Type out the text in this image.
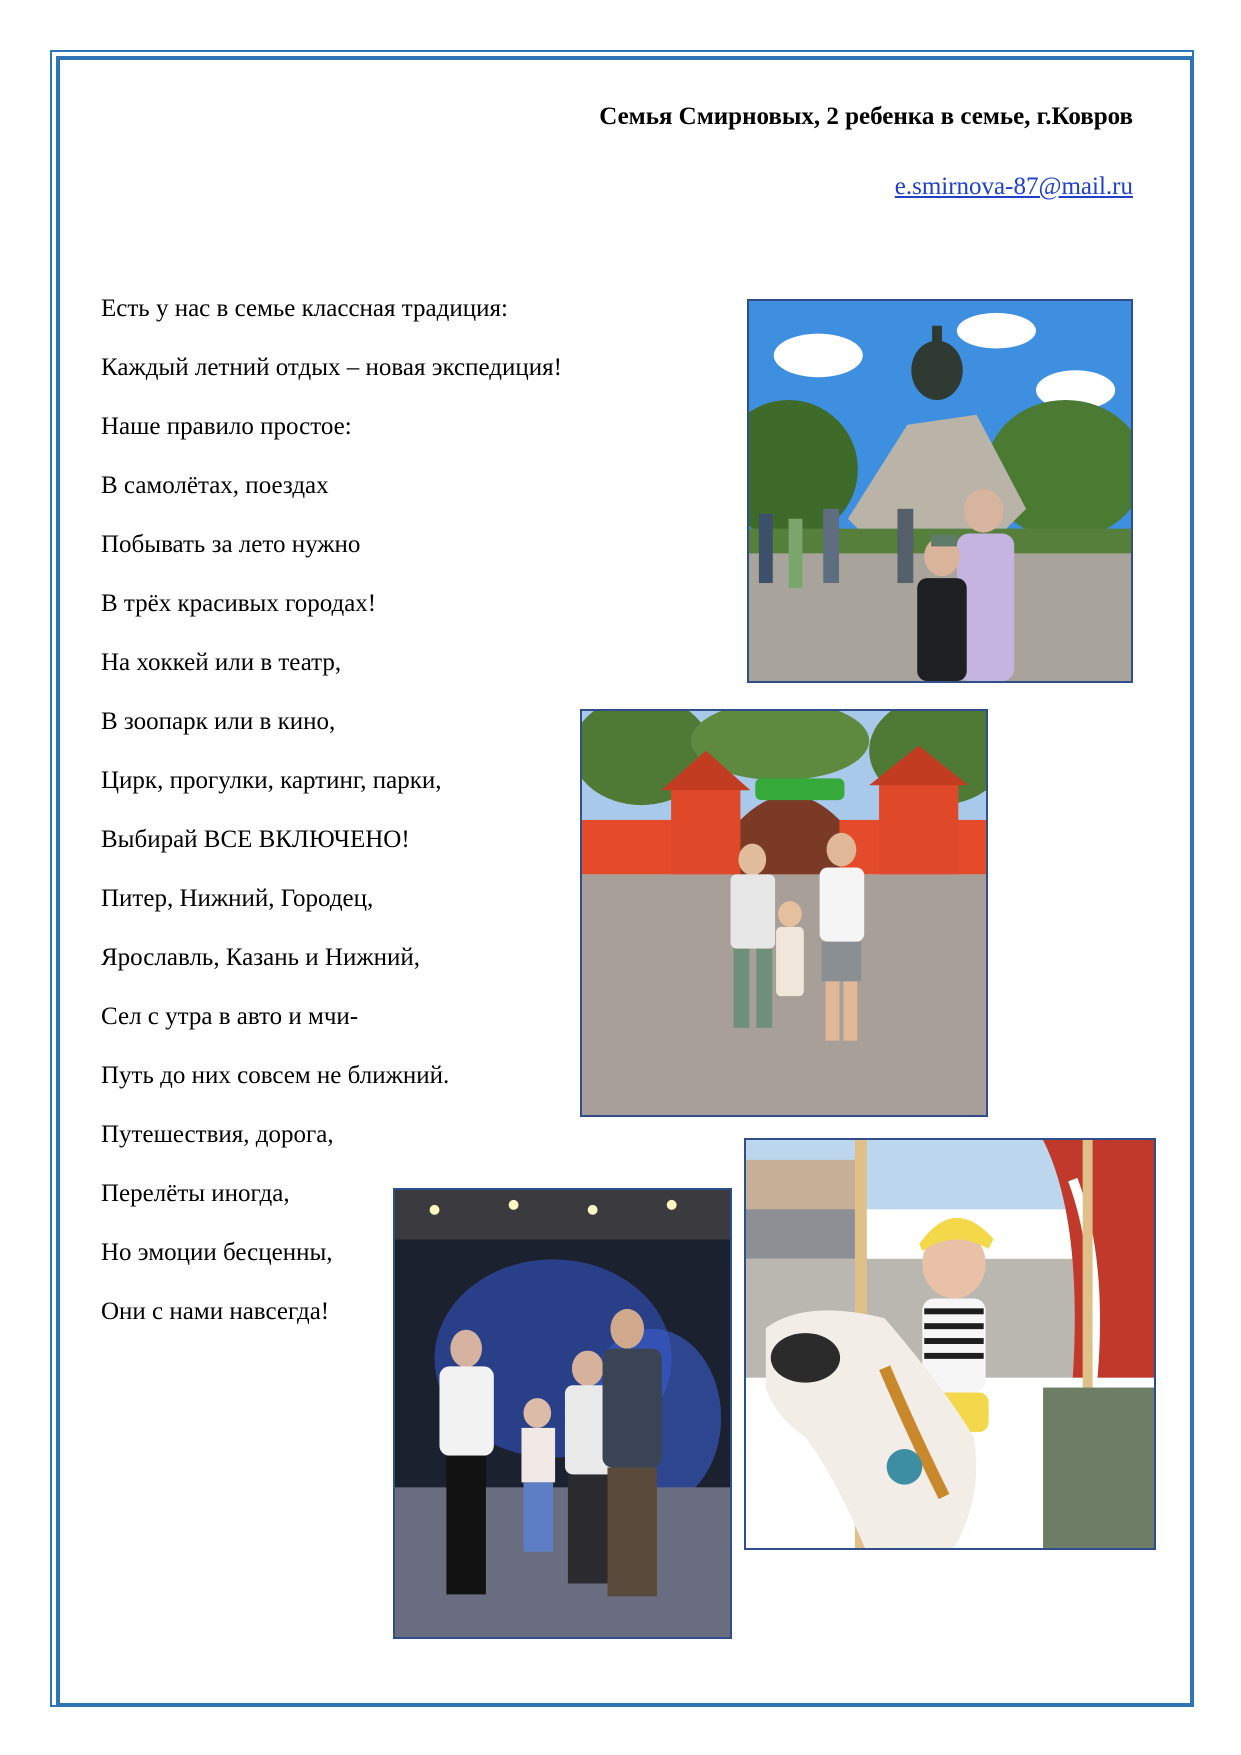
Семья Смирновых, 2 ребенка в семье, г.Ковров
e.smirnova-87@mail.ru
Есть у нас в семье классная традиция:
Каждый летний отдых – новая экспедиция!
Наше правило простое:
В самолётах, поездах
Побывать за лето нужно
В трёх красивых городах!
На хоккей или в театр,
В зоопарк или в кино,
Цирк, прогулки, картинг, парки,
Выбирай ВСЕ ВКЛЮЧЕНО!
Питер, Нижний, Городец,
Ярославль, Казань и Нижний,
Сел с утра в авто и мчи-
Путь до них совсем не ближний.
Путешествия, дорога,
Перелёты иногда,
Но эмоции бесценны,
Они с нами навсегда!
